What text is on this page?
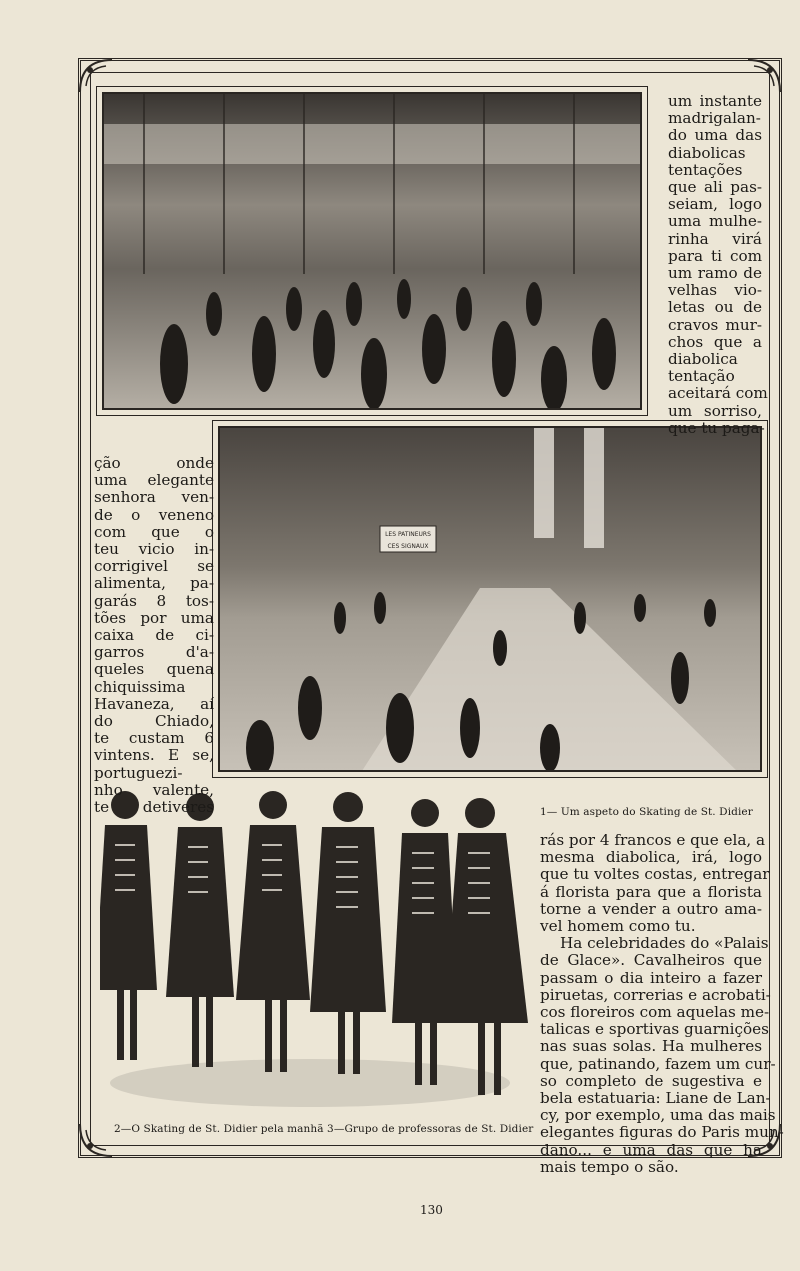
LES PATINEURS
CES SIGNAUX
um instante
madrigalan-
do uma das
diabolicas
tentações
que ali pas-
seiam, logo
uma mulhe-
rinha virá
para ti com
um ramo de
velhas vio-
letas ou de
cravos mur-
chos que a
diabolica
tentação
aceitará com
um sorriso,
que tu paga-
ção onde
uma elegante
senhora ven-
de o veneno
com que o
teu vicio in-
corrigivel se
alimenta, pa-
garás 8 tos-
tões por uma
caixa de ci-
garros d'a-
queles quena
chiquissima
Havaneza, aí
do Chiado,
te custam 6
vintens. E se,
portuguezi-
nho valente,
te detiveres	1— Um aspeto do Skating de St. Didier
rás por 4 francos e que ela, a
mesma diabolica, irá, logo
que tu voltes costas, entregar
á florista para que a florista
torne a vender a outro ama-
vel homem como tu.
Ha celebridades do «Palais
de Glace». Cavalheiros que
passam o dia inteiro a fazer
piruetas, correrias e acrobati-
cos floreiros com aquelas me-
talicas e sportivas guarnições
nas suas solas. Ha mulheres
que, patinando, fazem um cur-
so completo de sugestiva e
bela estatuaria: Liane de Lan-
cy, por exemplo, uma das mais
elegantes figuras do Paris mun-
dano... e uma das que ha
mais tempo o são.
2—O Skating de St. Didier pela manhã 3—Grupo de professoras de St. Didier
130
